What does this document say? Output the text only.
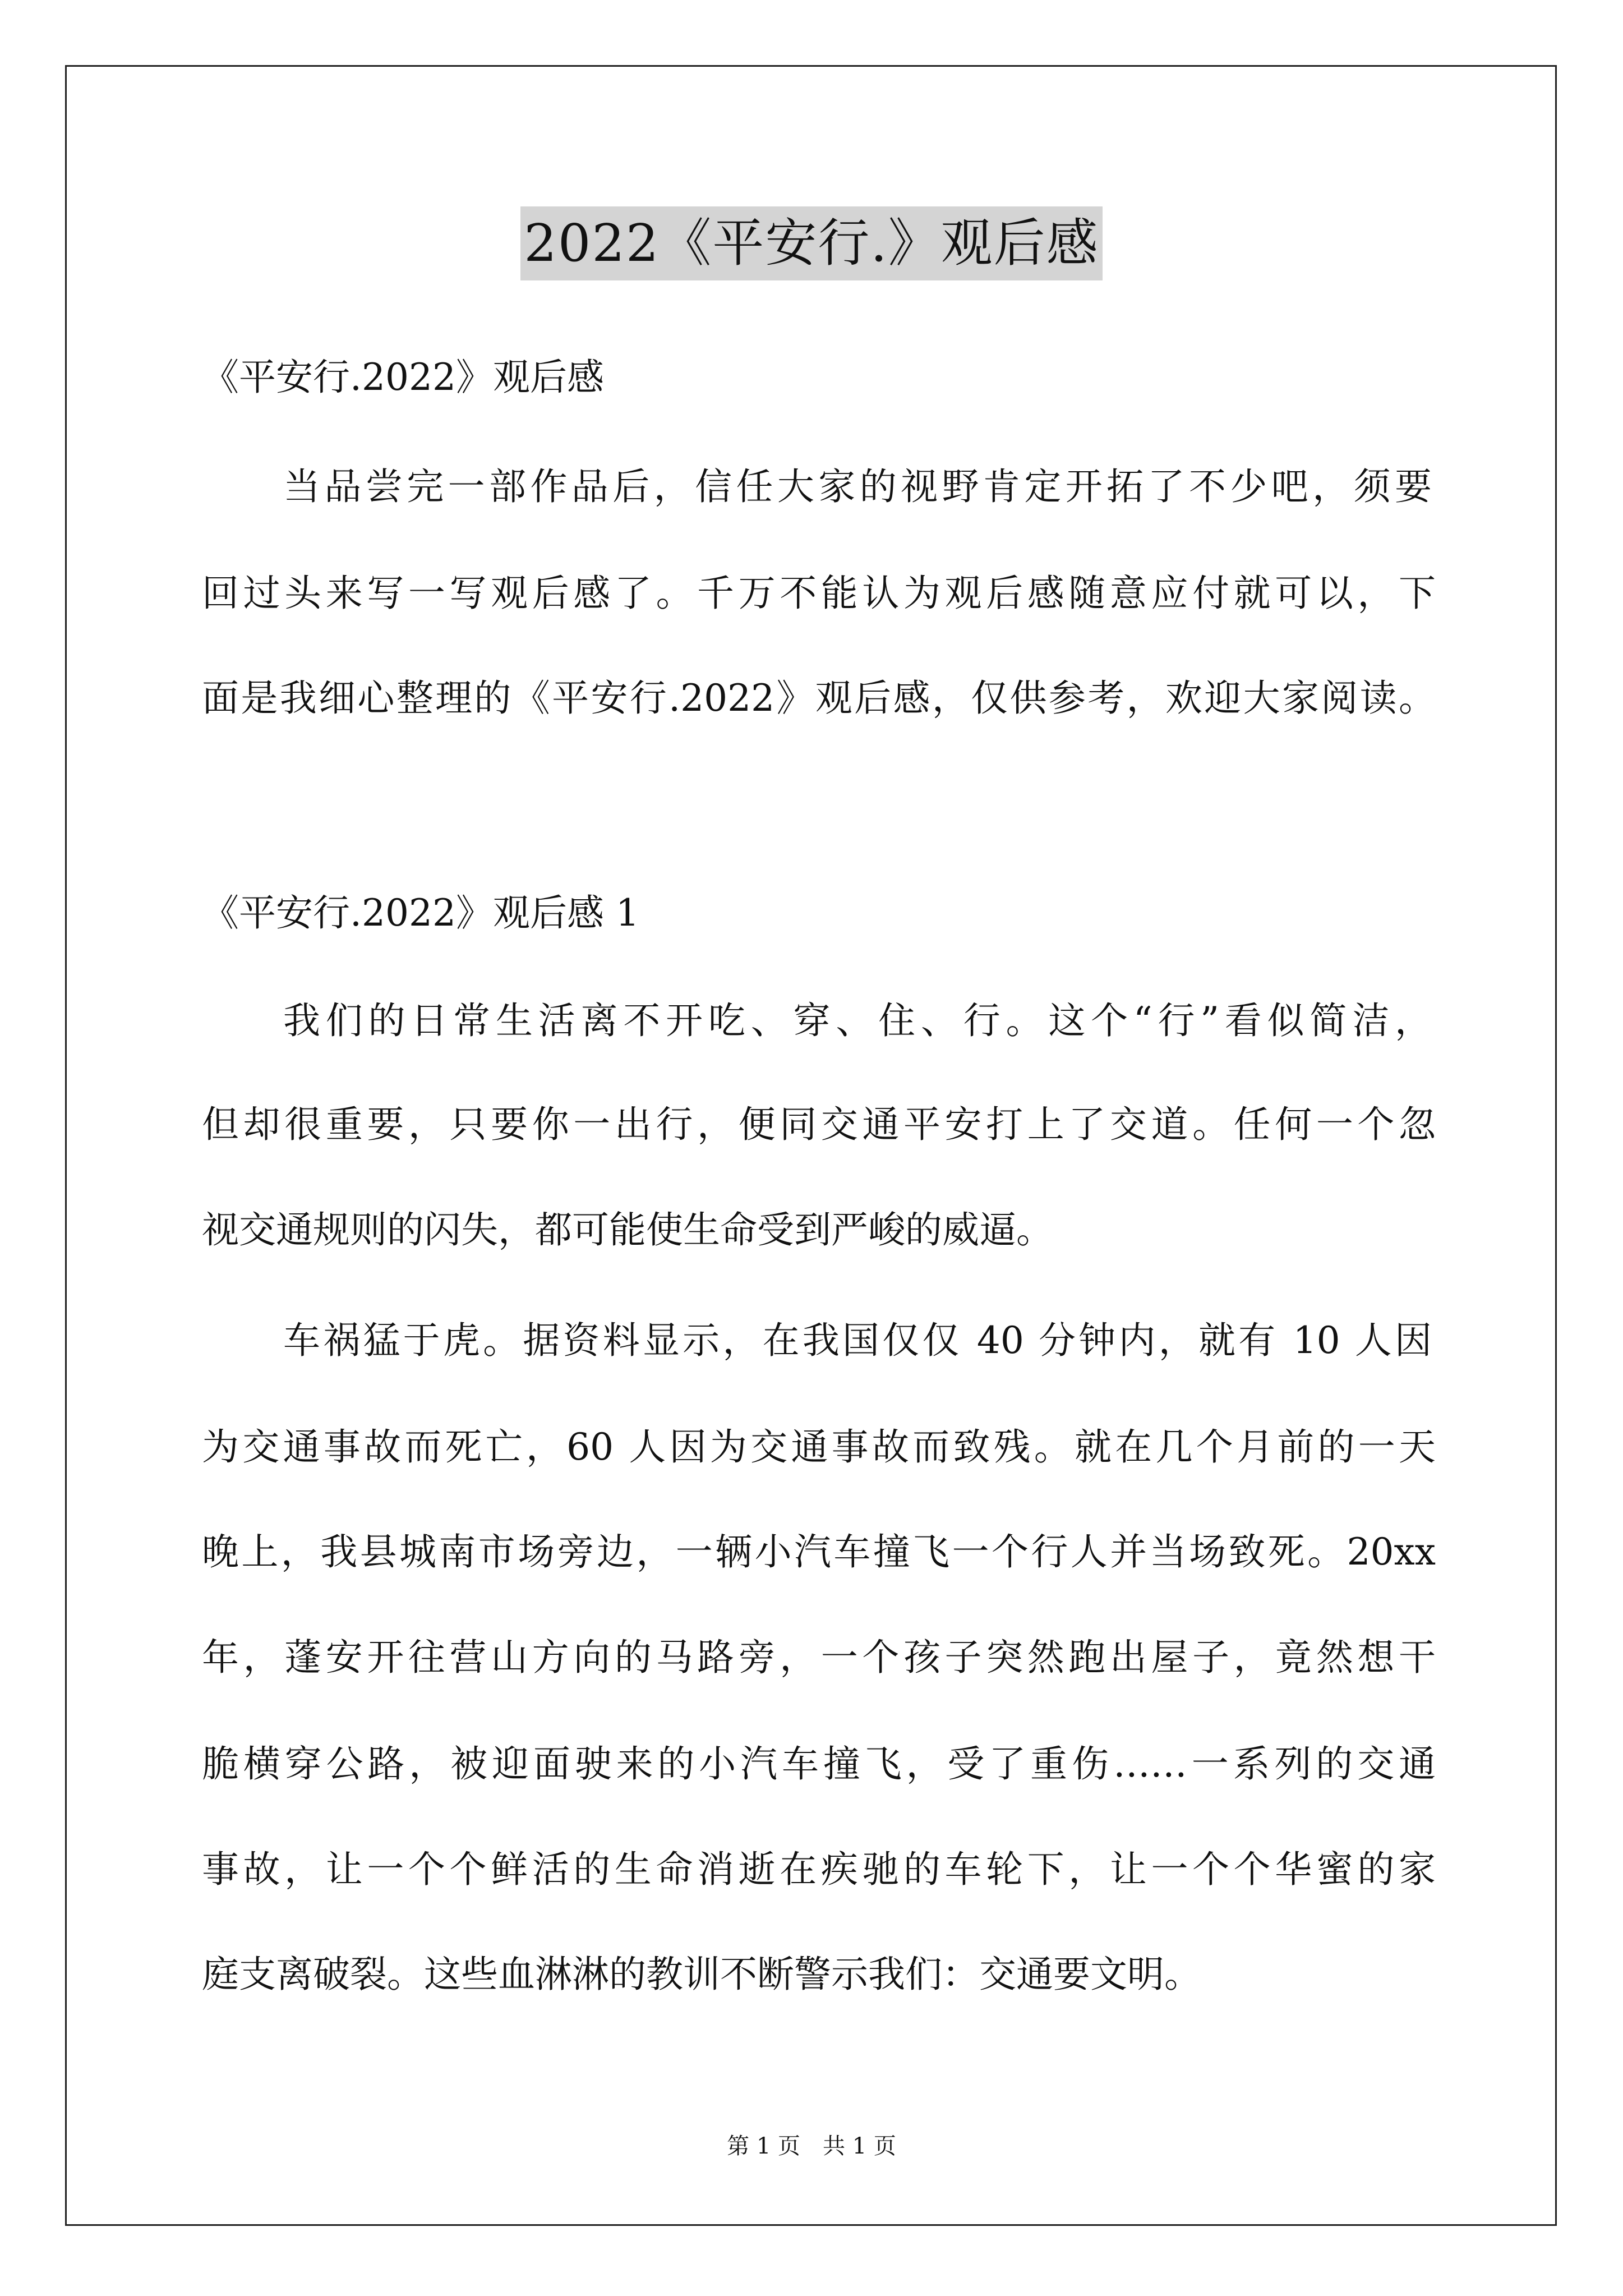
2022《平安行.》观后感
《平安行.2022》观后感
当品尝完一部作品后，信任大家的视野肯定开拓了不少吧，须要
回过头来写一写观后感了。千万不能认为观后感随意应付就可以，下
面是我细心整理的《平安行.2022》观后感，仅供参考，欢迎大家阅读。
《平安行.2022》观后感 1
我们的日常生活离不开吃、穿、住、行。这个“行”看似简洁，
但却很重要，只要你一出行，便同交通平安打上了交道。任何一个忽
视交通规则的闪失，都可能使生命受到严峻的威逼。
车祸猛于虎。据资料显示，在我国仅仅 40 分钟内，就有 10 人因
为交通事故而死亡，60 人因为交通事故而致残。就在几个月前的一天
晚上，我县城南市场旁边，一辆小汽车撞飞一个行人并当场致死。20xx
年，蓬安开往营山方向的马路旁，一个孩子突然跑出屋子，竟然想干
脆横穿公路，被迎面驶来的小汽车撞飞，受了重伤……一系列的交通
事故，让一个个鲜活的生命消逝在疾驰的车轮下，让一个个华蜜的家
庭支离破裂。这些血淋淋的教训不断警示我们：交通要文明。
第 1 页　共 1 页
